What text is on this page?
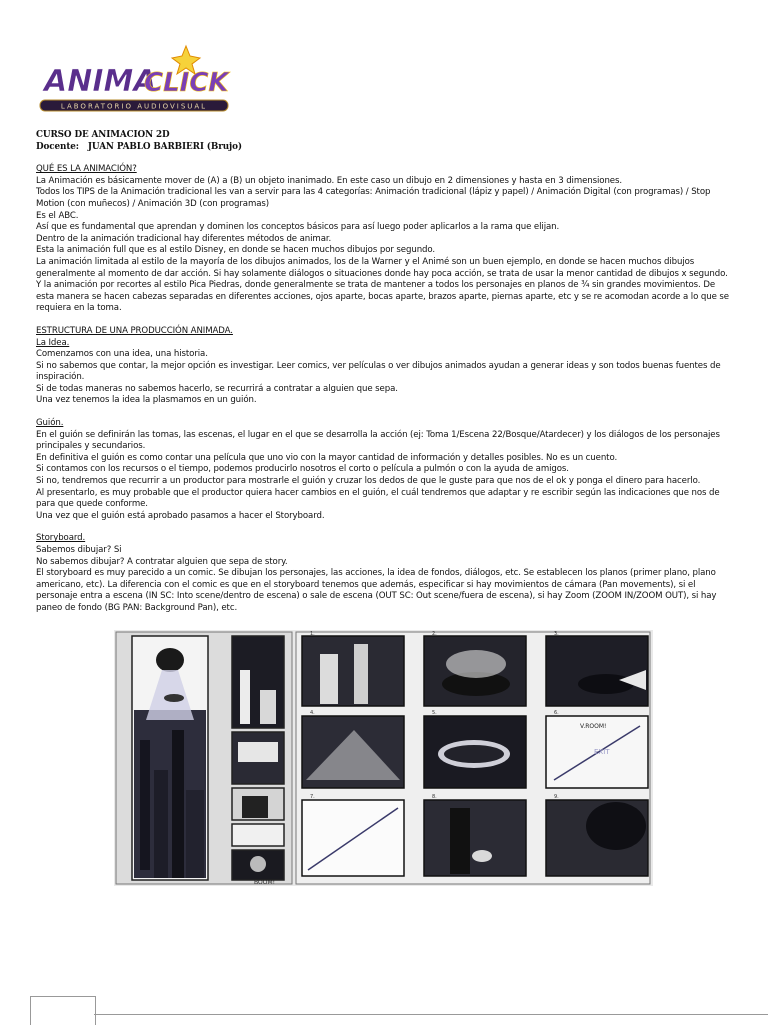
ANIMA
CLICK
LABORATORIO AUDIOVISUAL

CURSO DE ANIMACION 2D

Docente: JUAN PABLO BARBIERI (Brujo)

QUÉ ES LA ANIMACIÓN?

La Animación es básicamente mover de (A) a (B) un objeto inanimado. En este caso un dibujo en 2 dimensiones y hasta en 3 dimensiones.

Todos los TIPS de la Animación tradicional les van a servir para las 4 categorías: Animación tradicional (lápiz y papel) / Animación Digital (con programas) / Stop Motion (con muñecos) / Animación 3D (con programas)

Es el ABC.

Así que es fundamental que aprendan y dominen los conceptos básicos para así luego poder aplicarlos a la rama que elijan.

Dentro de la animación tradicional hay diferentes métodos de animar.

Esta la animación full que es al estilo Disney, en donde se hacen muchos dibujos por segundo.

La animación limitada al estilo de la mayoría de los dibujos animados, los de la Warner y el Animé son un buen ejemplo, en donde se hacen muchos dibujos generalmente al momento de dar acción. Si hay solamente diálogos o situaciones donde hay poca acción, se trata de usar la menor cantidad de dibujos x segundo.

Y la animación por recortes al estilo Pica Piedras, donde generalmente se trata de mantener a todos los personajes en planos de ¾ sin grandes movimientos. De esta manera se hacen cabezas separadas en diferentes acciones, ojos aparte, bocas aparte, brazos aparte, piernas aparte, etc y se re acomodan acorde a lo que se requiera en la toma.

ESTRUCTURA DE UNA PRODUCCIÓN ANIMADA.

La Idea.

Comenzamos con una idea, una historia.

Si no sabemos que contar, la mejor opción es investigar. Leer comics, ver películas o ver dibujos animados ayudan a generar ideas y son todos buenas fuentes de inspiración.

Si de todas maneras no sabemos hacerlo, se recurrirá a contratar a alguien que sepa.

Una vez tenemos la idea la plasmamos en un guión.

Guión.

En el guión se definirán las tomas, las escenas, el lugar en el que se desarrolla la acción (ej: Toma 1/Escena 22/Bosque/Atardecer) y los diálogos de los personajes principales y secundarios.

En definitiva el guión es como contar una película que uno vio con la mayor cantidad de información y detalles posibles. No es un cuento.

Si contamos con los recursos o el tiempo, podemos producirlo nosotros el corto o película a pulmón o con la ayuda de amigos.

Si no, tendremos que recurrir a un productor para mostrarle el guión y cruzar los dedos de que le guste para que nos de el ok y ponga el dinero para hacerlo.

Al presentarlo, es muy probable que el productor quiera hacer cambios en el guión, el cuál tendremos que adaptar y re escribir según las indicaciones que nos de para que quede conforme.

Una vez que el guión está aprobado pasamos a hacer el Storyboard.

Storyboard.

Sabemos dibujar? Si

No sabemos dibujar? A contratar alguien que sepa de story.

El storyboard es muy parecido a un comic. Se dibujan los personajes, las acciones, la idea de fondos, diálogos, etc. Se establecen los planos (primer plano, plano americano, etc). La diferencia con el comic es que en el storyboard tenemos que además, especificar si hay movimientos de cámara (Pan movements), si el personaje entra a escena (IN SC: Into scene/dentro de escena) o sale de escena (OUT SC: Out scene/fuera de escena), si hay Zoom (ZOOM IN/ZOOM OUT), si hay paneo de fondo (BG PAN: Background Pan), etc.

BOOM!
V.ROOM!
EXIT
1.	2.	3.
4.	5.	6.
7.	8.	9.
